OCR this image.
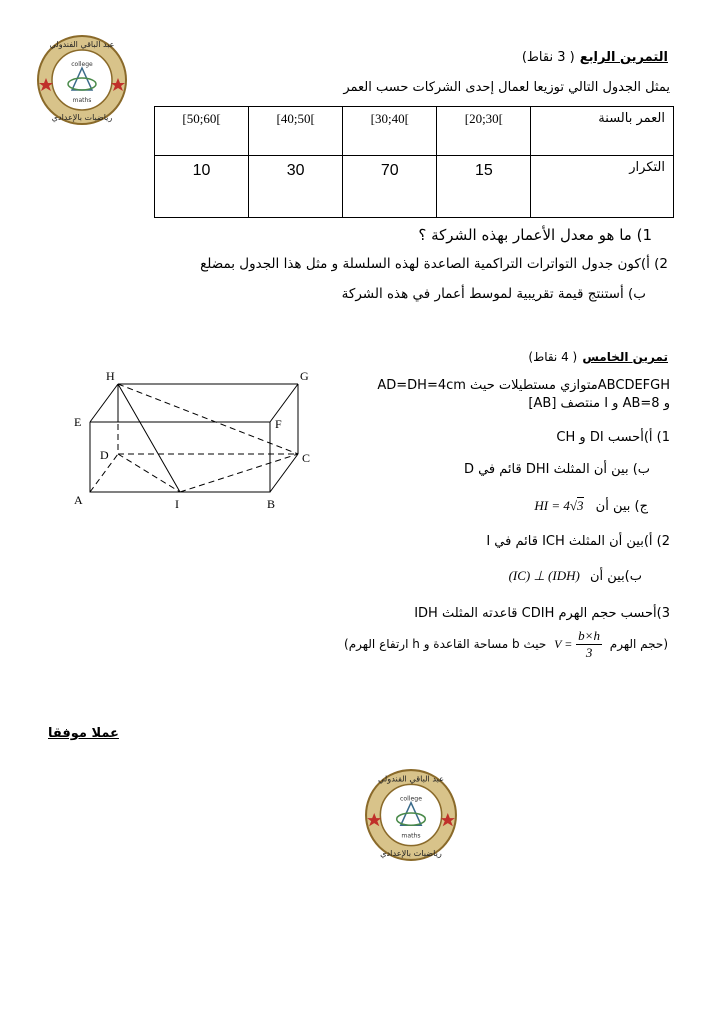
عبد الباقي الفندولي
رياضيات بالإعدادي
college
maths
التمرين الرابع ( 3 نقاط)
يمثل الجدول التالي توزيعا لعمال إحدى الشركات حسب العمر
[50;60[	[40;50[	[30;40[	[20;30[	العمر بالسنة
10	30	70	15	التكرار
1) ما هو معدل الأعمار بهذه الشركة ؟
2) أ)كون جدول التواترات التراكمية الصاعدة لهذه السلسلة و مثل هذا الجدول بمضلع
ب) أستنتج قيمة تقريبية لموسط أعمار في هذه الشركة
تمرين الخامس ( 4 نقاط)
H	G
E	F
D	C
A	I	B
ABCDEFGHمتوازي مستطيلات حيث AD=DH=4cm
و AB=8 و I منتصف [AB]
1) أ)أحسب DI و CH
ب) بين أن المثلث DHI قائم في D
ج) بين أن HI = 4√3
2) أ)بين أن المثلث ICH قائم في I
ب)بين أن (IC) ⊥ (IDH)
3)أحسب حجم الهرم CDIH قاعدته المثلث IDH
(حجم الهرم $V = \frac{b\times h}{3}$
حيث b مساحة القاعدة و h ارتفاع الهرم)
عملا موفقا
عبد الباقي الفندولي
رياضيات بالإعدادي
college
maths
